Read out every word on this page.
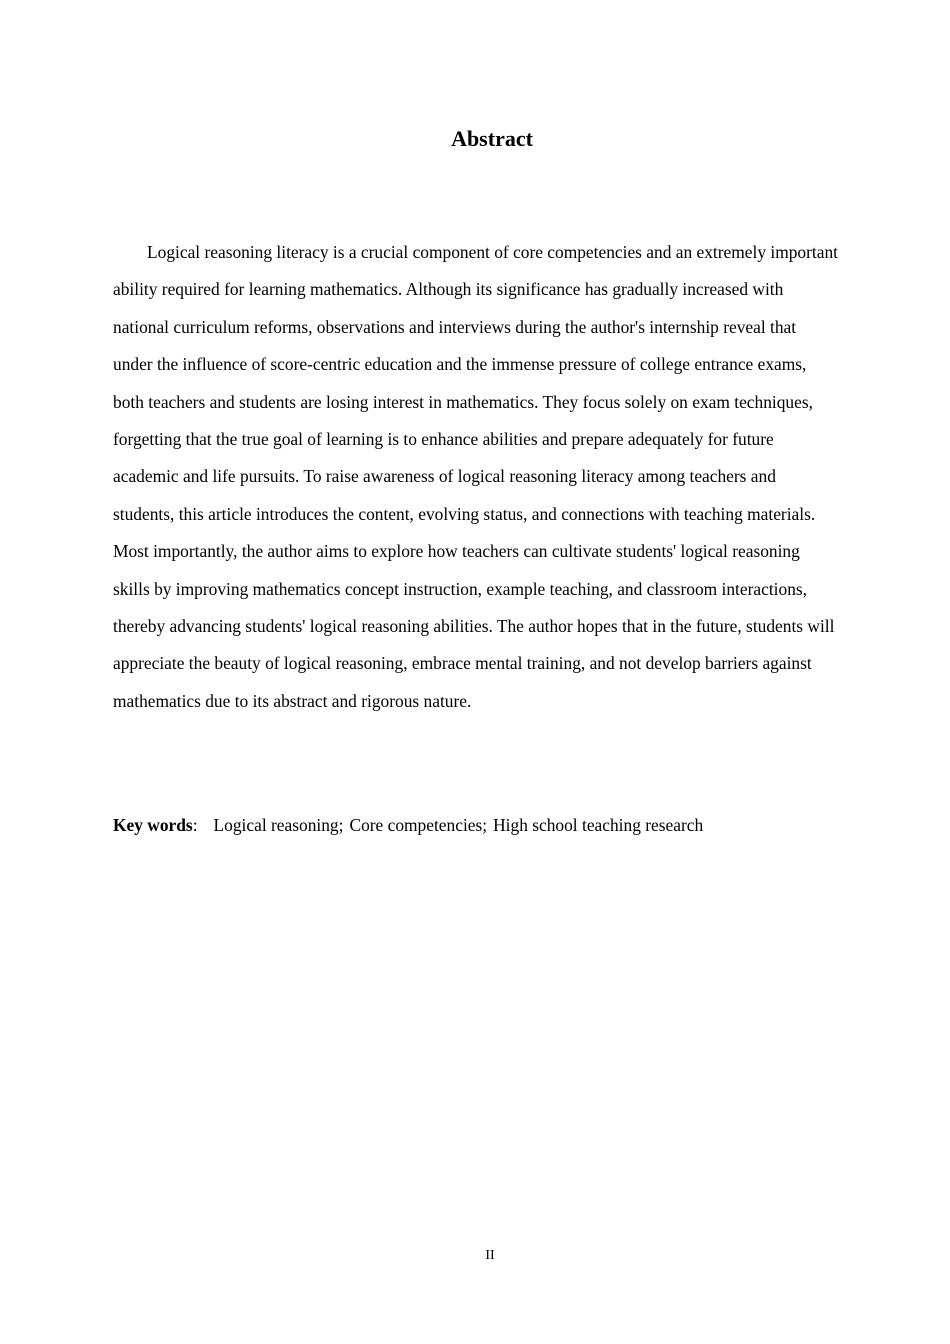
Abstract

Logical reasoning literacy is a crucial component of core competencies and an extremely important ability required for learning mathematics. Although its significance has gradually increased with national curriculum reforms, observations and interviews during the author's internship reveal that under the influence of score-centric education and the immense pressure of college entrance exams, both teachers and students are losing interest in mathematics. They focus solely on exam techniques, forgetting that the true goal of learning is to enhance abilities and prepare adequately for future academic and life pursuits. To raise awareness of logical reasoning literacy among teachers and students, this article introduces the content, evolving status, and connections with teaching materials. Most importantly, the author aims to explore how teachers can cultivate students' logical reasoning skills by improving mathematics concept instruction, example teaching, and classroom interactions, thereby advancing students' logical reasoning abilities. The author hopes that in the future, students will appreciate the beauty of logical reasoning, embrace mental training, and not develop barriers against mathematics due to its abstract and rigorous nature.

Key words: Logical reasoning; Core competencies; High school teaching research

II
